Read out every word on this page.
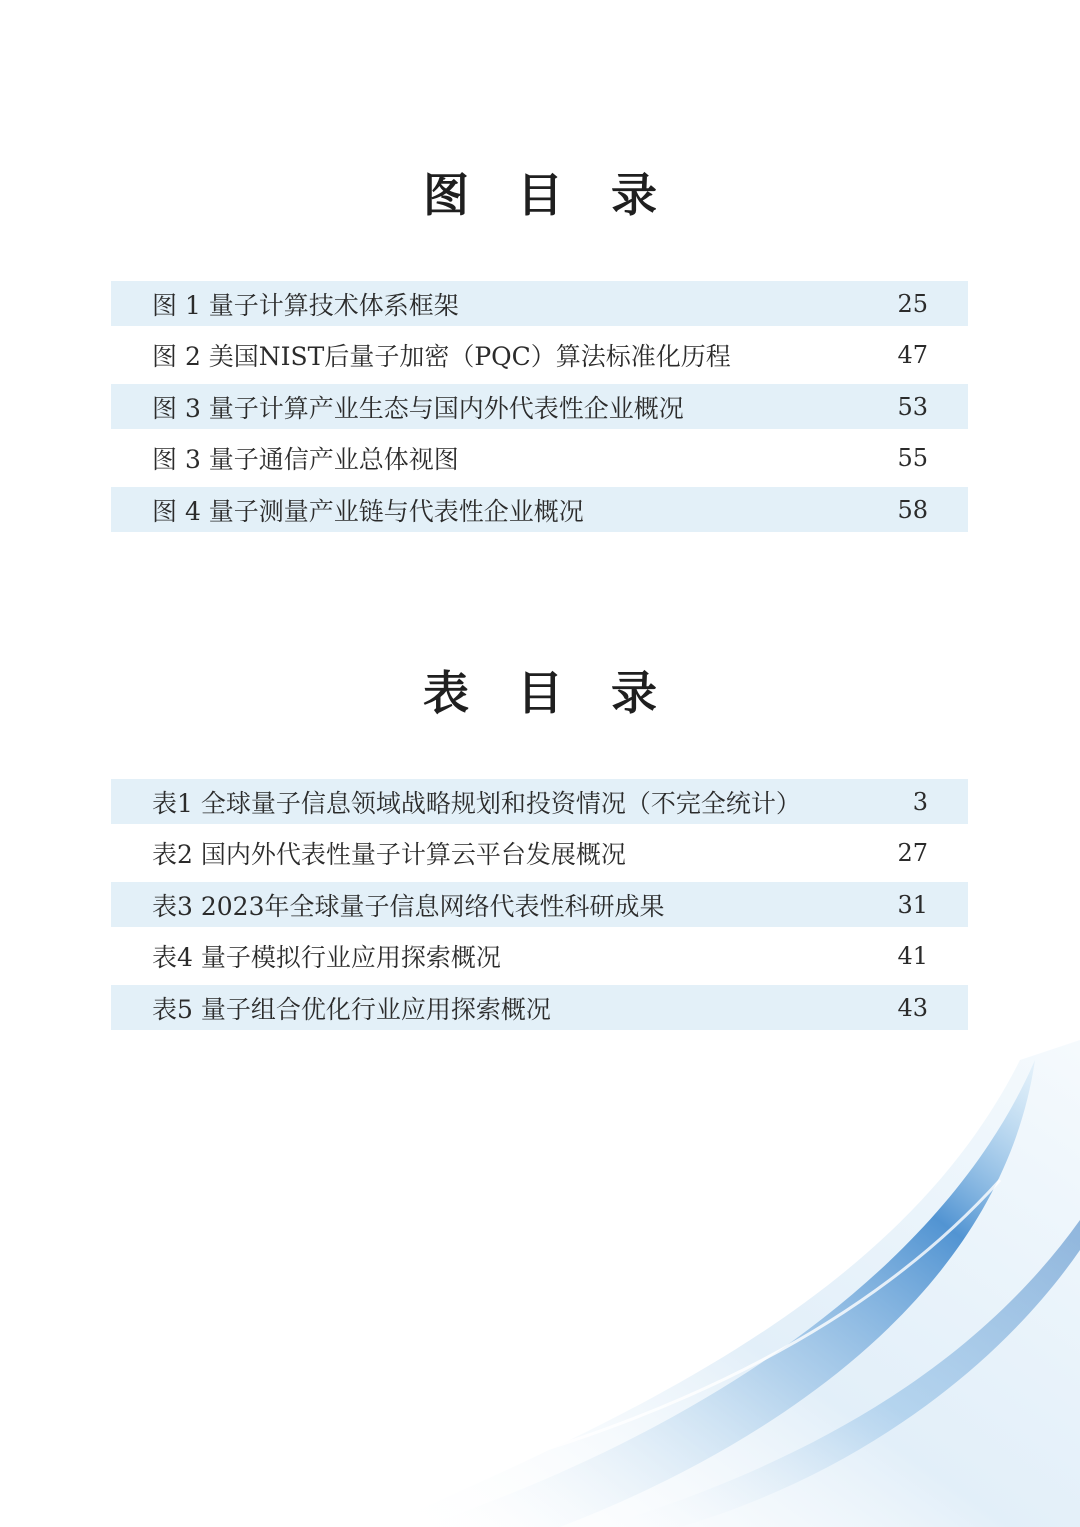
图 目 录
图 1 量子计算技术体系框架	25
图 2 美国NIST后量子加密（PQC）算法标准化历程	47
图 3 量子计算产业生态与国内外代表性企业概况	53
图 3 量子通信产业总体视图	55
图 4 量子测量产业链与代表性企业概况	58
表 目 录
表1 全球量子信息领域战略规划和投资情况（不完全统计）	3
表2 国内外代表性量子计算云平台发展概况	27
表3 2023年全球量子信息网络代表性科研成果	31
表4 量子模拟行业应用探索概况	41
表5 量子组合优化行业应用探索概况	43
